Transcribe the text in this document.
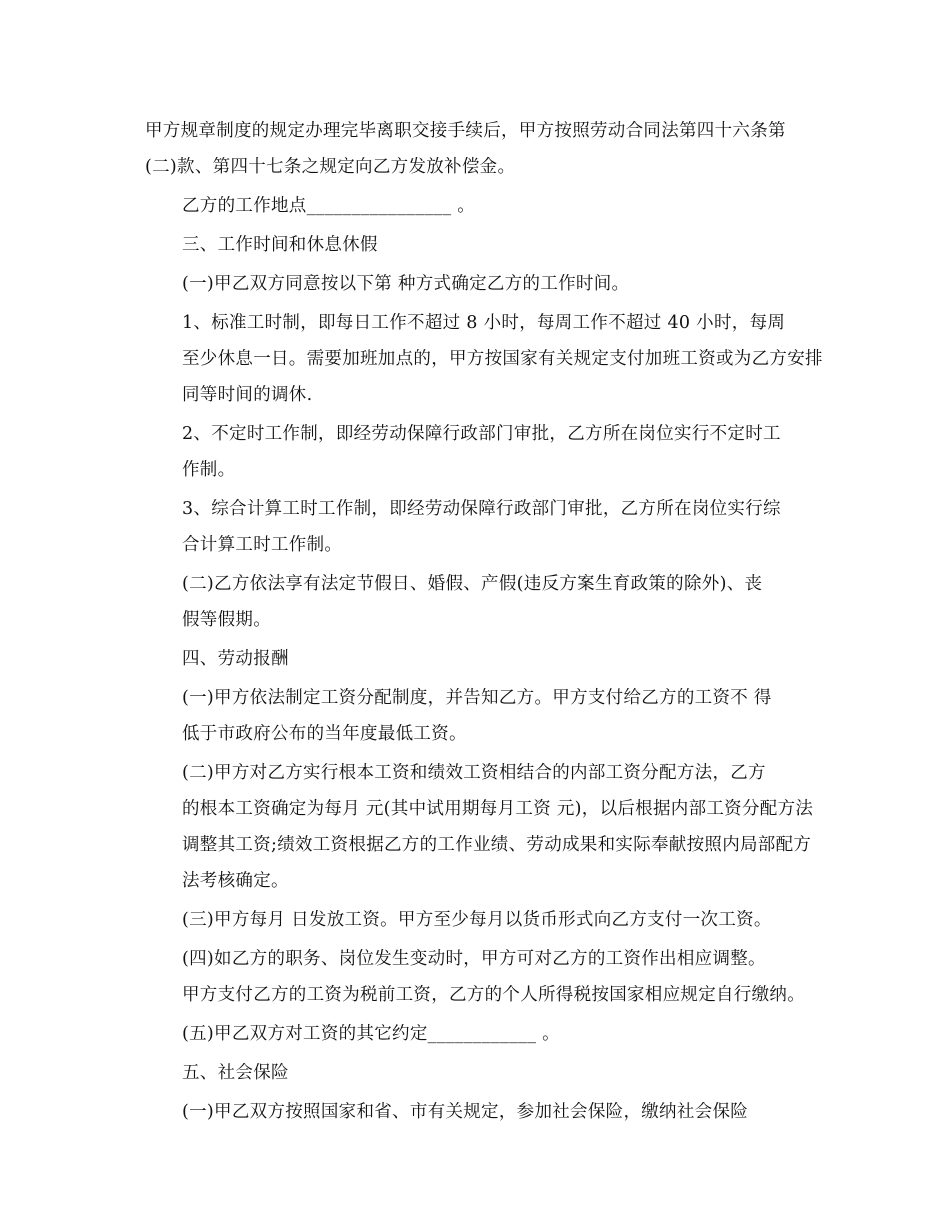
甲方规章制度的规定办理完毕离职交接手续后，甲方按照劳动合同法第四十六条第
(二)款、第四十七条之规定向乙方发放补偿金。

乙方的工作地点________________ 。

三、工作时间和休息休假

(一)甲乙双方同意按以下第 种方式确定乙方的工作时间。

1、标准工时制，即每日工作不超过 8 小时，每周工作不超过 40 小时，每周
至少休息一日。需要加班加点的，甲方按国家有关规定支付加班工资或为乙方安排
同等时间的调休.

2、不定时工作制，即经劳动保障行政部门审批，乙方所在岗位实行不定时工
作制。

3、综合计算工时工作制，即经劳动保障行政部门审批，乙方所在岗位实行综
合计算工时工作制。

(二)乙方依法享有法定节假日、婚假、产假(违反方案生育政策的除外)、丧
假等假期。

四、劳动报酬

(一)甲方依法制定工资分配制度，并告知乙方。甲方支付给乙方的工资不 得
低于市政府公布的当年度最低工资。

(二)甲方对乙方实行根本工资和绩效工资相结合的内部工资分配方法，乙方
的根本工资确定为每月 元(其中试用期每月工资 元)，以后根据内部工资分配方法
调整其工资;绩效工资根据乙方的工作业绩、劳动成果和实际奉献按照内局部配方
法考核确定。

(三)甲方每月 日发放工资。甲方至少每月以货币形式向乙方支付一次工资。

(四)如乙方的职务、岗位发生变动时，甲方可对乙方的工资作出相应调整。
甲方支付乙方的工资为税前工资，乙方的个人所得税按国家相应规定自行缴纳。

(五)甲乙双方对工资的其它约定____________ 。

五、社会保险

(一)甲乙双方按照国家和省、市有关规定，参加社会保险，缴纳社会保险
